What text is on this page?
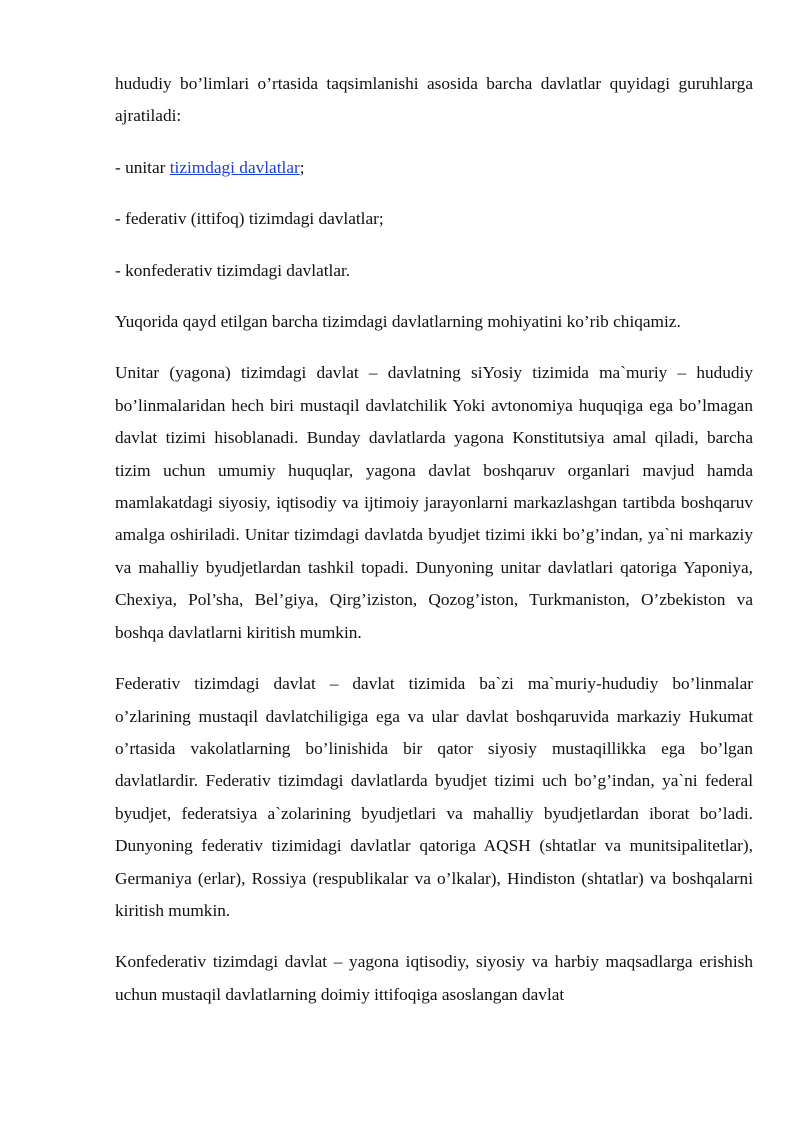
hududiy bo’limlari o’rtasida taqsimlanishi asosida barcha davlatlar quyidagi guruhlarga ajratiladi:

- unitar tizimdagi davlatlar;

- federativ (ittifoq) tizimdagi davlatlar;

- konfederativ tizimdagi davlatlar.

Yuqorida qayd etilgan barcha tizimdagi davlatlarning mohiyatini ko’rib chiqamiz.

Unitar (yagona) tizimdagi davlat – davlatning siYosiy tizimida ma`muriy – hududiy bo’linmalaridan hech biri mustaqil davlatchilik Yoki avtonomiya huquqiga ega bo’lmagan davlat tizimi hisoblanadi. Bunday davlatlarda yagona Konstitutsiya amal qiladi, barcha tizim uchun umumiy huquqlar, yagona davlat boshqaruv organlari mavjud hamda mamlakatdagi siyosiy, iqtisodiy va ijtimoiy jarayonlarni markazlashgan tartibda boshqaruv amalga oshiriladi. Unitar tizimdagi davlatda byudjet tizimi ikki bo’g’indan, ya`ni markaziy va mahalliy byudjetlardan tashkil topadi. Dunyoning unitar davlatlari qatoriga Yaponiya, Chexiya, Pol’sha, Bel’giya, Qirg’iziston, Qozog’iston, Turkmaniston, O’zbekiston va boshqa davlatlarni kiritish mumkin.

Federativ tizimdagi davlat – davlat tizimida ba`zi ma`muriy-hududiy bo’linmalar o’zlarining mustaqil davlatchiligiga ega va ular davlat boshqaruvida markaziy Hukumat o’rtasida vakolatlarning bo’linishida bir qator siyosiy mustaqillikka ega bo’lgan davlatlardir. Federativ tizimdagi davlatlarda byudjet tizimi uch bo’g’indan, ya`ni federal byudjet, federatsiya a`zolarining byudjetlari va mahalliy byudjetlardan iborat bo’ladi. Dunyoning federativ tizimidagi davlatlar qatoriga AQSH (shtatlar va munitsipalitetlar), Germaniya (erlar), Rossiya (respublikalar va o’lkalar), Hindiston (shtatlar) va boshqalarni kiritish mumkin.

Konfederativ tizimdagi davlat – yagona iqtisodiy, siyosiy va harbiy maqsadlarga erishish uchun mustaqil davlatlarning doimiy ittifoqiga asoslangan davlat
